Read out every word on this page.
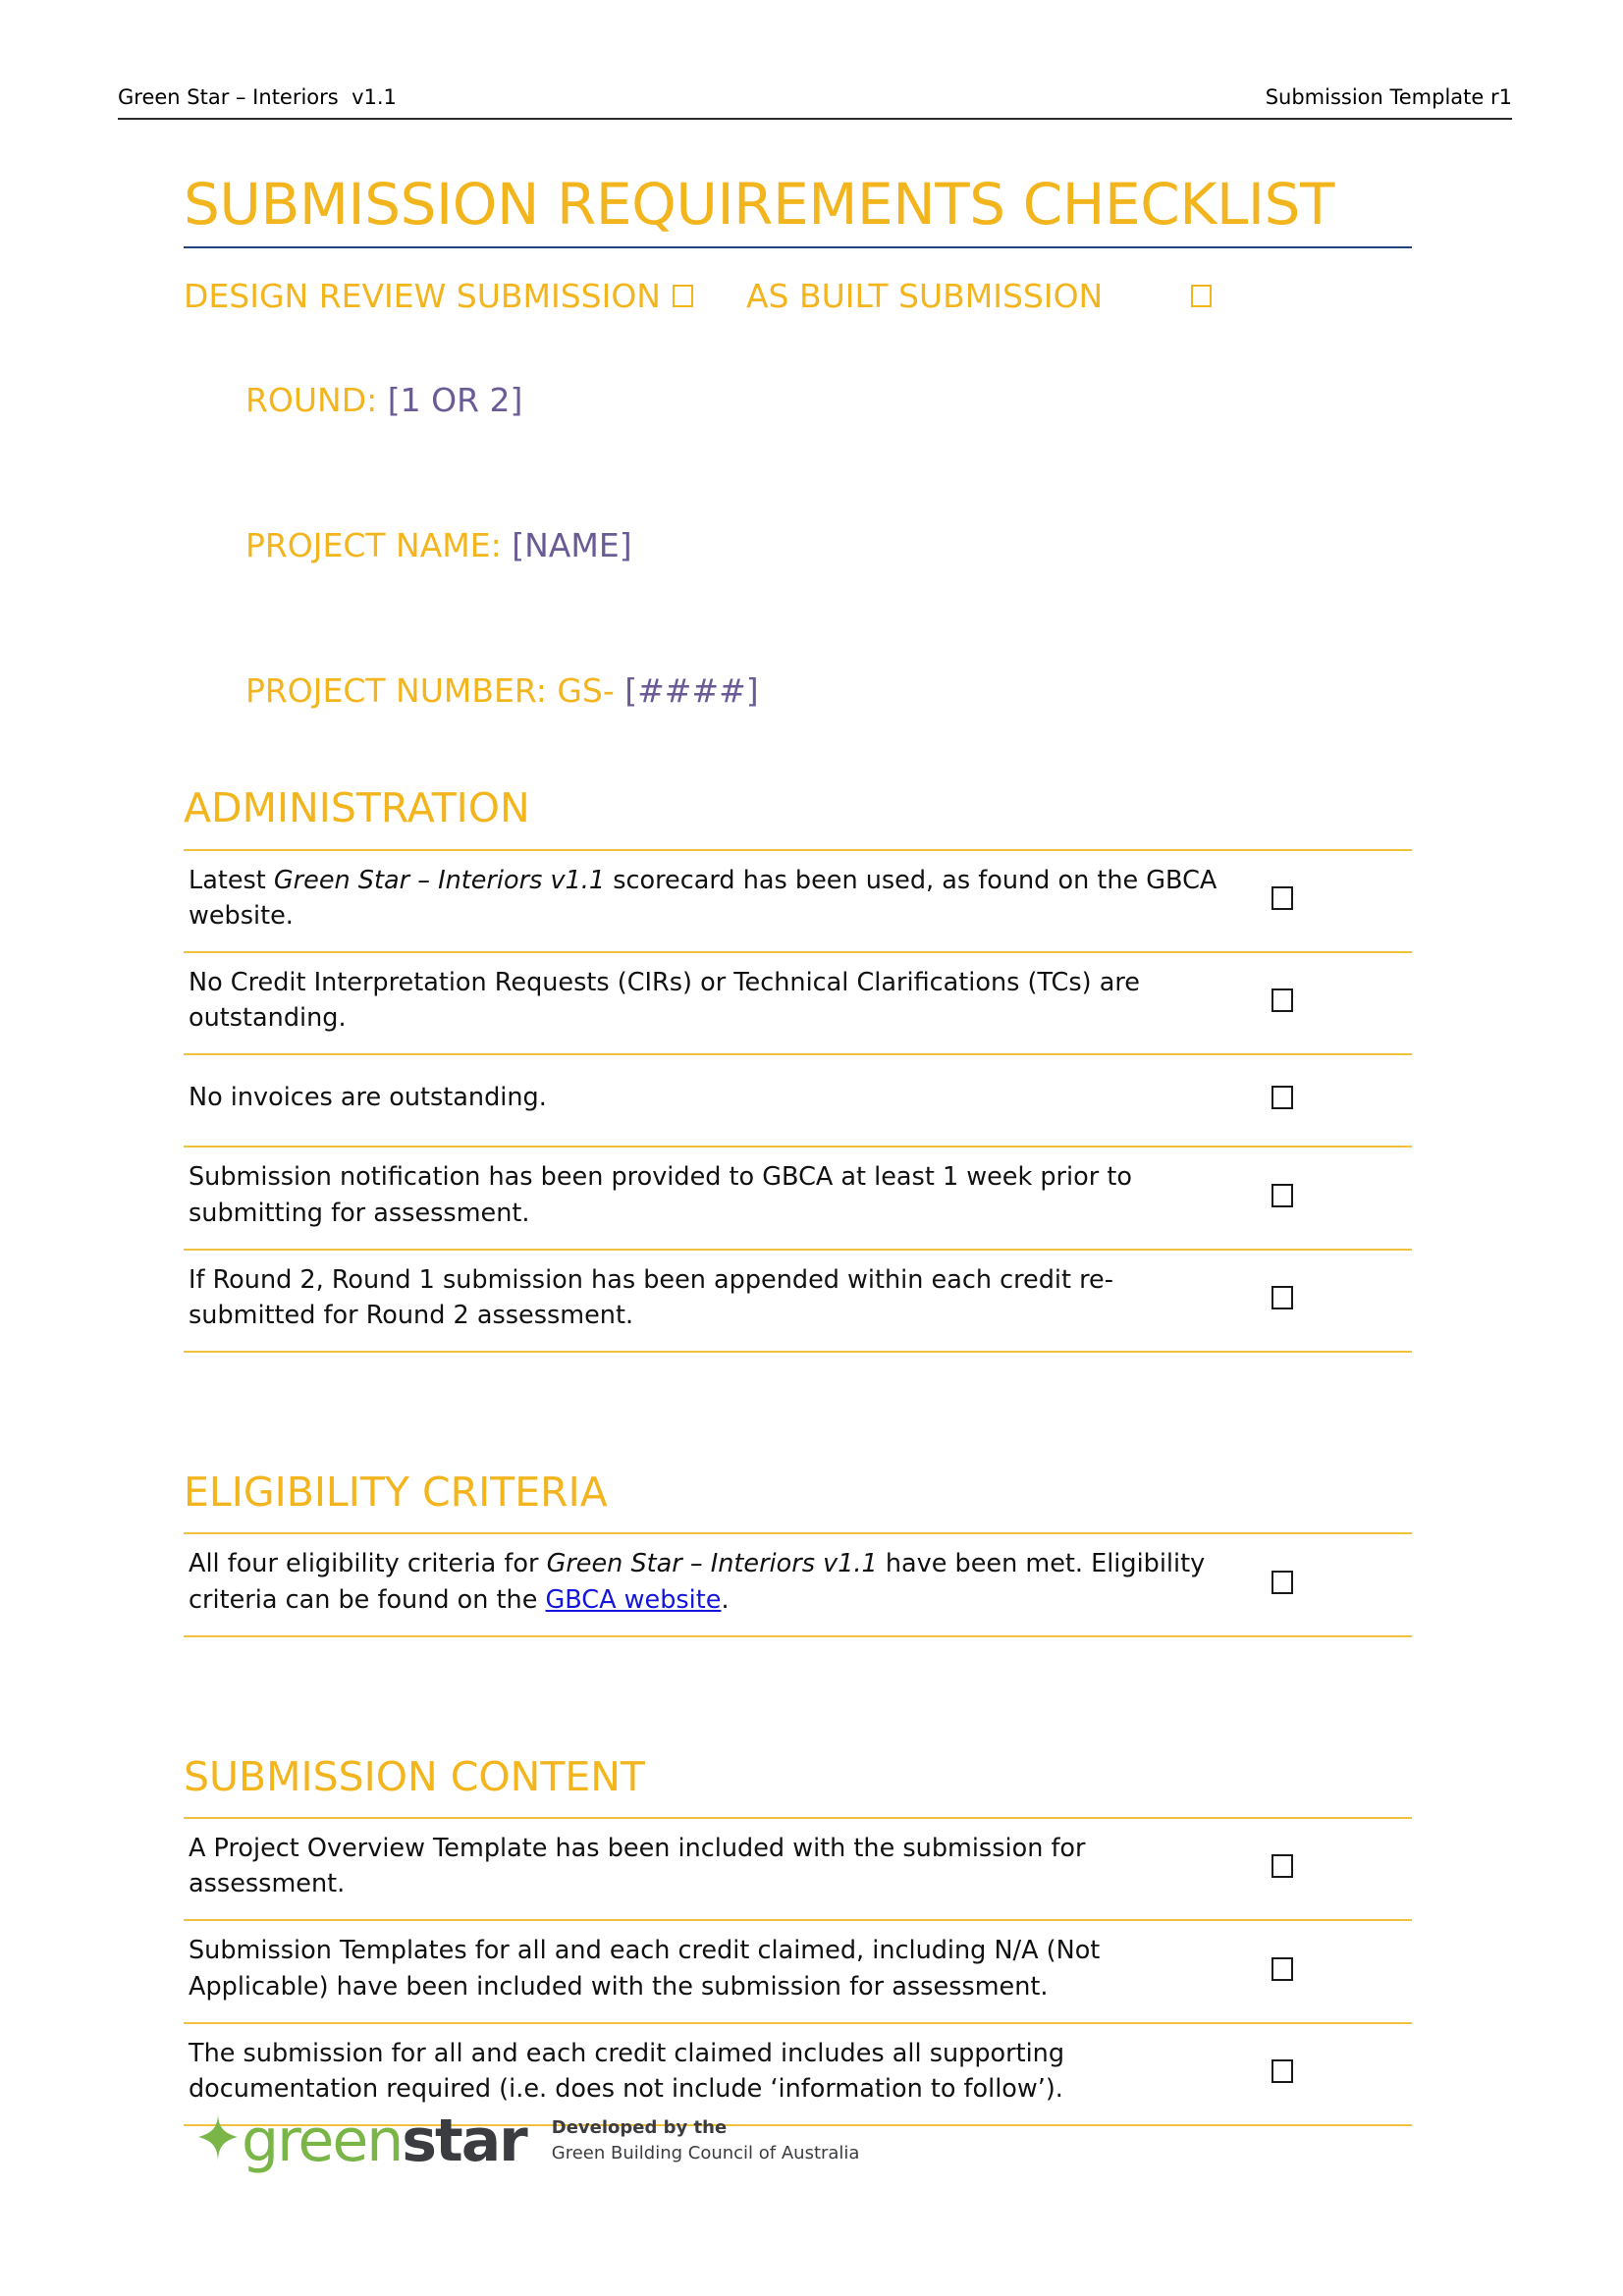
Green Star – Interiors  v1.1	Submission Template r1
SUBMISSION REQUIREMENTS CHECKLIST
DESIGN REVIEW SUBMISSION	AS BUILT SUBMISSION

ROUND: [1 OR 2]

PROJECT NAME: [NAME]

PROJECT NUMBER: GS- [####]

ADMINISTRATION
Latest Green Star – Interiors v1.1 scorecard has been used, as found on the GBCA website.
No Credit Interpretation Requests (CIRs) or Technical Clarifications (TCs) are outstanding.
No invoices are outstanding.
Submission notification has been provided to GBCA at least 1 week prior to submitting for assessment.
If Round 2, Round 1 submission has been appended within each credit re-submitted for Round 2 assessment.
ELIGIBILITY CRITERIA
All four eligibility criteria for Green Star – Interiors v1.1 have been met. Eligibility criteria can be found on the GBCA website.
SUBMISSION CONTENT
A Project Overview Template has been included with the submission for assessment.
Submission Templates for all and each credit claimed, including N/A (Not Applicable) have been included with the submission for assessment.
The submission for all and each credit claimed includes all supporting documentation required (i.e. does not include ‘information to follow’).
greenstar Developed by the
Green Building Council of Australia
